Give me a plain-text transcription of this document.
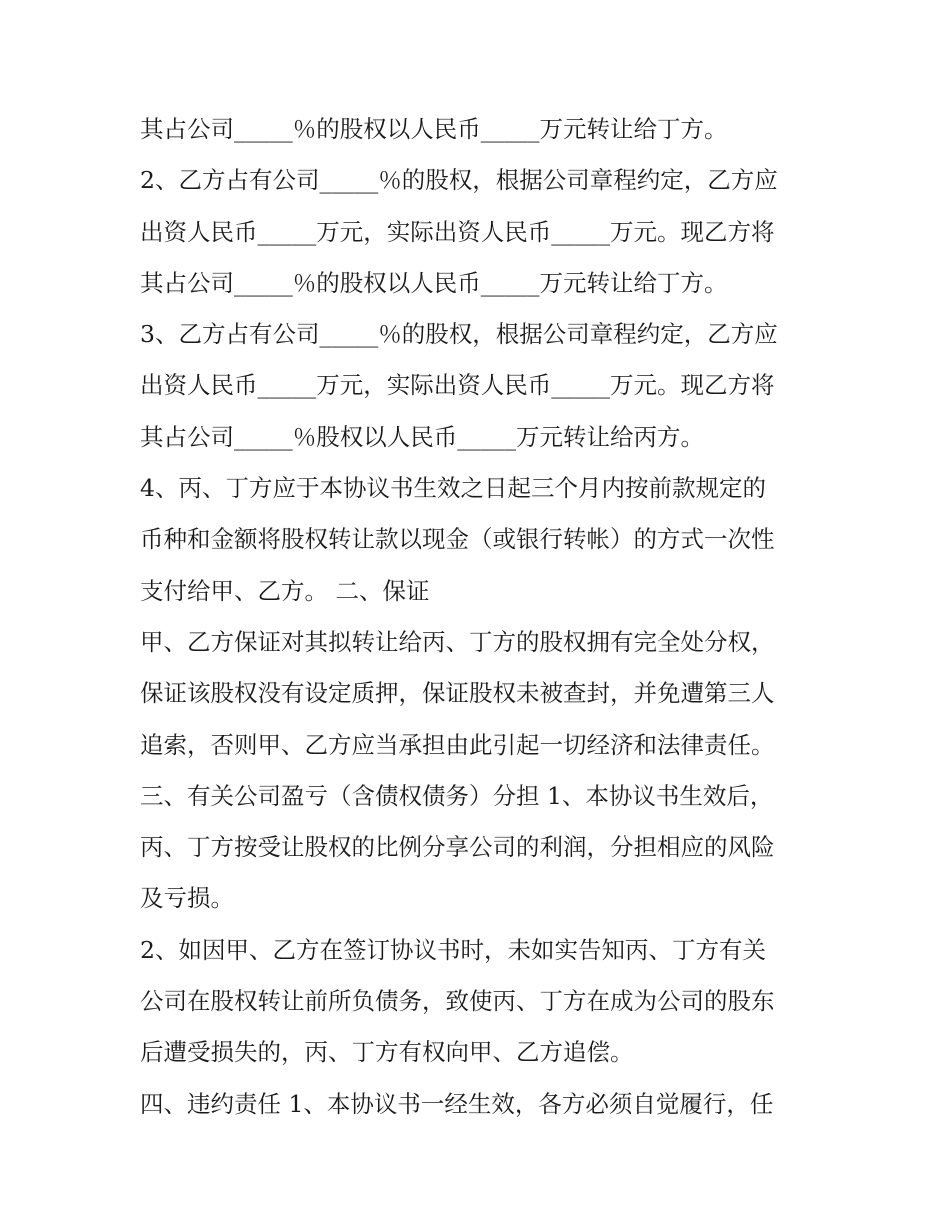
其占公司_____％的股权以人民币_____万元转让给丁方。
2、乙方占有公司_____％的股权，根据公司章程约定，乙方应
出资人民币_____万元，实际出资人民币_____万元。现乙方将
其占公司_____％的股权以人民币_____万元转让给丁方。
3、乙方占有公司_____％的股权，根据公司章程约定，乙方应
出资人民币_____万元，实际出资人民币_____万元。现乙方将
其占公司_____％股权以人民币_____万元转让给丙方。
4、丙、丁方应于本协议书生效之日起三个月内按前款规定的
币种和金额将股权转让款以现金（或银行转帐）的方式一次性
支付给甲、乙方。 二、保证
甲、乙方保证对其拟转让给丙、丁方的股权拥有完全处分权，
保证该股权没有设定质押，保证股权未被查封，并免遭第三人
追索，否则甲、乙方应当承担由此引起一切经济和法律责任。
三、有关公司盈亏（含债权债务）分担 1、本协议书生效后，
丙、丁方按受让股权的比例分享公司的利润，分担相应的风险
及亏损。
2、如因甲、乙方在签订协议书时，未如实告知丙、丁方有关
公司在股权转让前所负债务，致使丙、丁方在成为公司的股东
后遭受损失的，丙、丁方有权向甲、乙方追偿。
四、违约责任 1、本协议书一经生效，各方必须自觉履行，任
